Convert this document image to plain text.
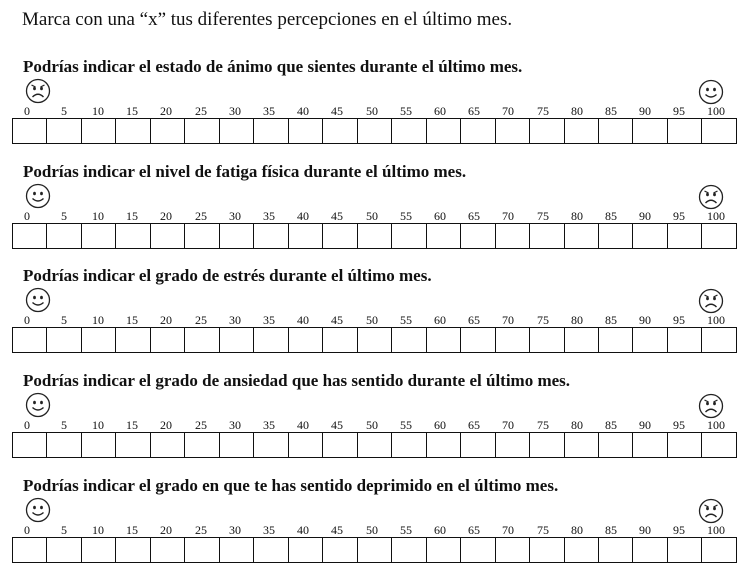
Marca con una “x” tus diferentes percepciones en el último mes.
Podrías indicar el estado de ánimo que sientes durante el último mes.
0	5 10 15 20 25 30 35 40 45 50 55 60 65 70 75 80 85 90 95 100
Podrías indicar el nivel de fatiga física durante el último mes.
0	5 10 15 20 25 30 35 40 45 50 55 60 65 70 75 80 85 90 95 100
Podrías indicar el grado de estrés durante el último mes.
0	5 10 15 20 25 30 35 40 45 50 55 60 65 70 75 80 85 90 95 100
Podrías indicar el grado de ansiedad que has sentido durante el último mes.
0	5 10 15 20 25 30 35 40 45 50 55 60 65 70 75 80 85 90 95 100
Podrías indicar el grado en que te has sentido deprimido en el último mes.
0	5 10 15 20 25 30 35 40 45 50 55 60 65 70 75 80 85 90 95 100
